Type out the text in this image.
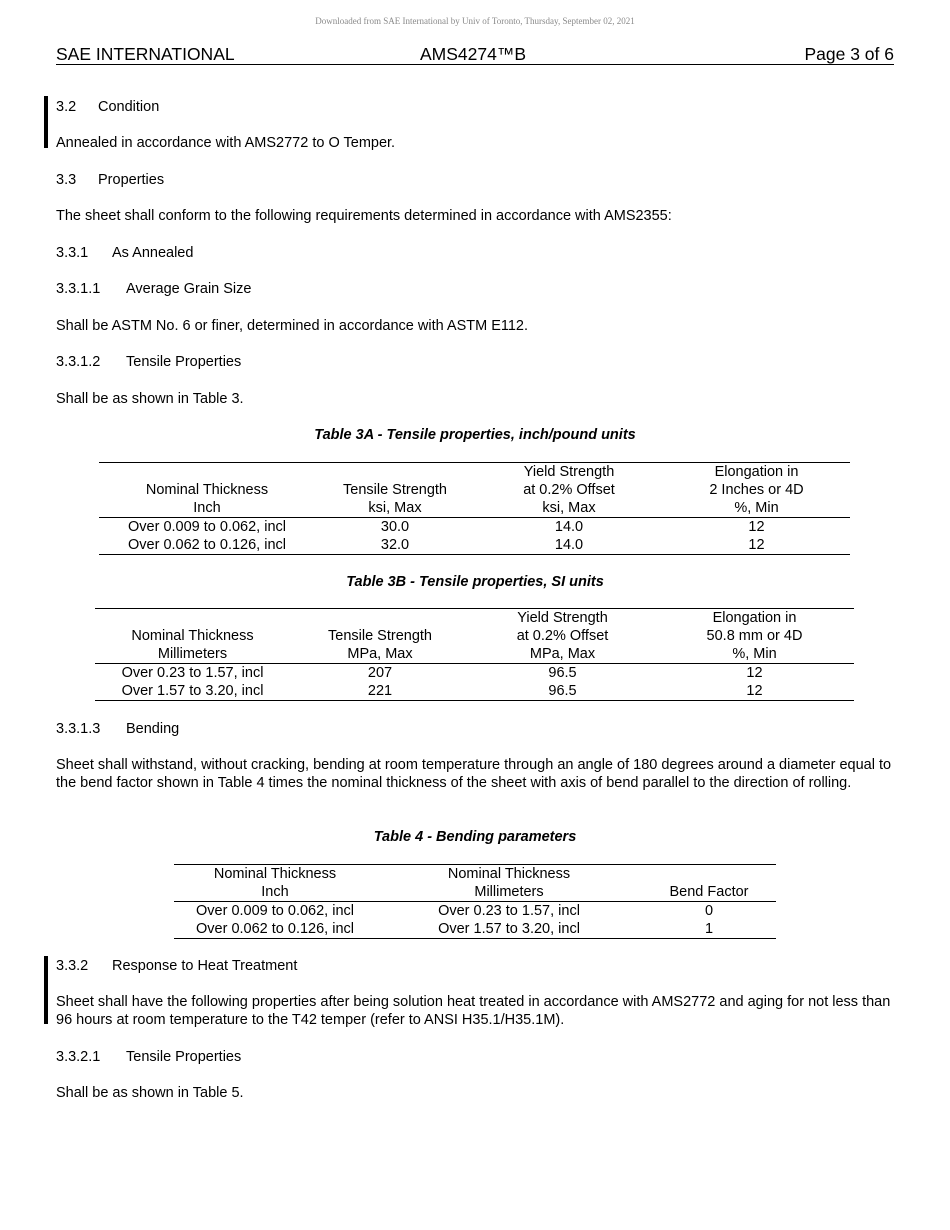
Downloaded from SAE International by Univ of Toronto, Thursday, September 02, 2021
SAE INTERNATIONAL	AMS4274™B	Page 3 of 6
3.2 Condition
Annealed in accordance with AMS2772 to O Temper.
3.3 Properties
The sheet shall conform to the following requirements determined in accordance with AMS2355:
3.3.1 As Annealed
3.3.1.1 Average Grain Size
Shall be ASTM No. 6 or finer, determined in accordance with ASTM E112.
3.3.1.2 Tensile Properties
Shall be as shown in Table 3.
Table 3A - Tensile properties, inch/pound units
		Yield Strength	Elongation in
Nominal Thickness	Tensile Strength	at 0.2% Offset	2 Inches or 4D
Inch	ksi, Max	ksi, Max	%, Min
Over 0.009 to 0.062, incl	30.0	14.0	12
Over 0.062 to 0.126, incl	32.0	14.0	12
Table 3B - Tensile properties, SI units
		Yield Strength	Elongation in
Nominal Thickness	Tensile Strength	at 0.2% Offset	50.8 mm or 4D
Millimeters	MPa, Max	MPa, Max	%, Min
Over 0.23 to 1.57, incl	207	96.5	12
Over 1.57 to 3.20, incl	221	96.5	12
3.3.1.3 Bending
Sheet shall withstand, without cracking, bending at room temperature through an angle of 180 degrees around a diameter equal to the bend factor shown in Table 4 times the nominal thickness of the sheet with axis of bend parallel to the direction of rolling.
Table 4 - Bending parameters
Nominal Thickness	Nominal Thickness	
Inch	Millimeters	Bend Factor
Over 0.009 to 0.062, incl	Over 0.23 to 1.57, incl	0
Over 0.062 to 0.126, incl	Over 1.57 to 3.20, incl	1
3.3.2 Response to Heat Treatment
Sheet shall have the following properties after being solution heat treated in accordance with AMS2772 and aging for not less than 96 hours at room temperature to the T42 temper (refer to ANSI H35.1/H35.1M).
3.3.2.1 Tensile Properties
Shall be as shown in Table 5.
